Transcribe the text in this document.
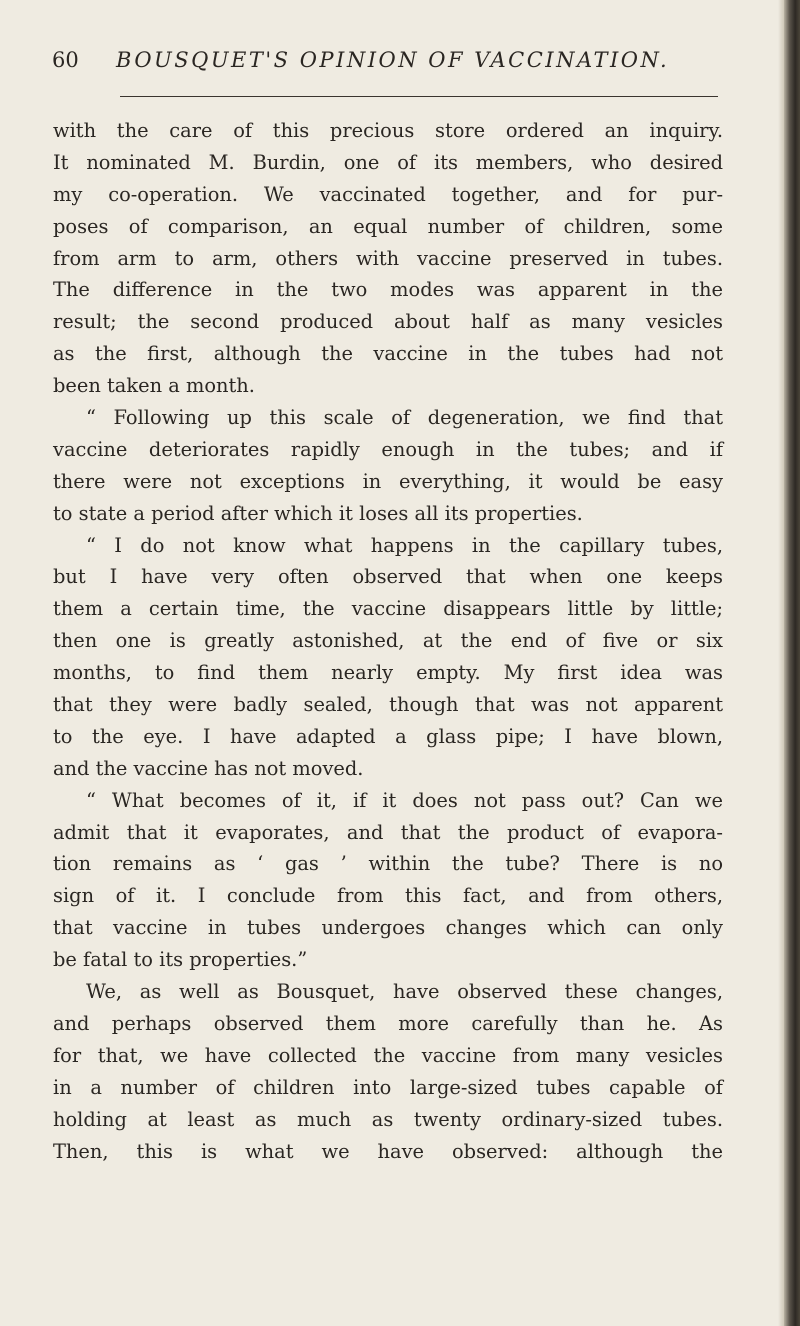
60 BOUSQUET'S OPINION OF VACCINATION.
with the care of this precious store ordered an inquiry.
It nominated M. Burdin, one of its members, who desired
my co-operation. We vaccinated together, and for pur-
poses of comparison, an equal number of children, some
from arm to arm, others with vaccine preserved in tubes.
The difference in the two modes was apparent in the
result; the second produced about half as many vesicles
as the first, although the vaccine in the tubes had not
been taken a month.
“ Following up this scale of degeneration, we find that
vaccine deteriorates rapidly enough in the tubes; and if
there were not exceptions in everything, it would be easy
to state a period after which it loses all its properties.
“ I do not know what happens in the capillary tubes,
but I have very often observed that when one keeps
them a certain time, the vaccine disappears little by little;
then one is greatly astonished, at the end of five or six
months, to find them nearly empty. My first idea was
that they were badly sealed, though that was not apparent
to the eye. I have adapted a glass pipe; I have blown,
and the vaccine has not moved.
“ What becomes of it, if it does not pass out? Can we
admit that it evaporates, and that the product of evapora-
tion remains as ‘ gas ’ within the tube? There is no
sign of it. I conclude from this fact, and from others,
that vaccine in tubes undergoes changes which can only
be fatal to its properties.”
We, as well as Bousquet, have observed these changes,
and perhaps observed them more carefully than he. As
for that, we have collected the vaccine from many vesicles
in a number of children into large-sized tubes capable of
holding at least as much as twenty ordinary-sized tubes.
Then, this is what we have observed: although the
